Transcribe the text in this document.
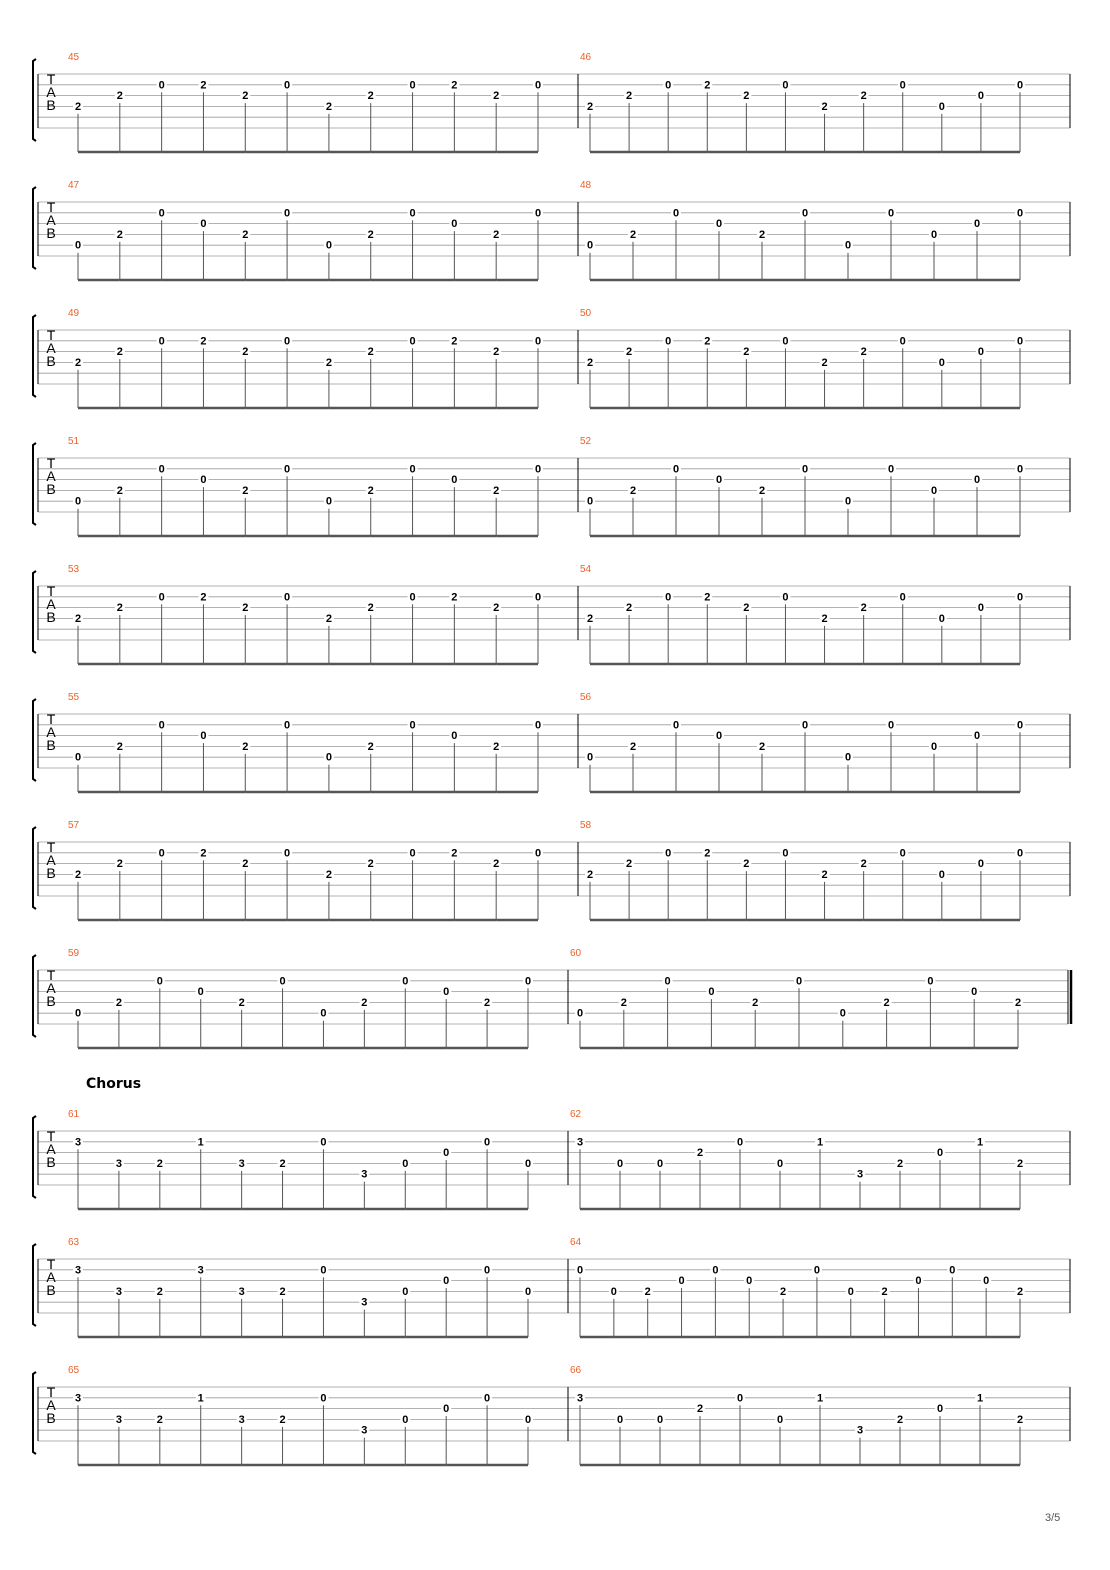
T
A
B
45
2
2
0	2
2
0
2
2
0	2
2
0
46
2
2
0	2
2
0
2
2
0
0
0
0
T
A
B
47
0
2
0
0
2
0
0
2
0
0
2
0
48
0
2
0
0
2
0
0
0
0
0
0
T
A
B
49
2
2
0	2
2
0
2
2
0	2
2
0
50
2
2
0	2
2
0
2
2
0
0
0
0
T
A
B
51
0
2
0
0
2
0
0
2
0
0
2
0
52
0
2
0
0
2
0
0
0
0
0
0
T
A
B
53
2
2
0	2
2
0
2
2
0	2
2
0
54
2
2
0	2
2
0
2
2
0
0
0
0
T
A
B
55
0
2
0
0
2
0
0
2
0
0
2
0
56
0
2
0
0
2
0
0
0
0
0
0
T
A
B
57
2
2
0	2
2
0
2
2
0	2
2
0
58
2
2
0	2
2
0
2
2
0
0
0
0
T
A
B
59
0
2
0
0
2
0
0
2
0
0
2
0
60
0
2
0
0
2
0
0
2
0
0
2
T
A
B
61
3
3	2
1
3	2
0
3
0
0
0
0
62
3
0	0
2
0
0
1
3
2
0
1
2
T
A
B
63
3
3	2
3
3	2
0
3
0
0
0
0
64
0
0	2
0
0
0
2
0
0	2
0
0
0
2
T
A
B
65
3
3	2
1
3	2
0
3
0
0
0
0
66
3
0	0
2
0
0
1
3
2
0
1
2
Chorus
3/5
